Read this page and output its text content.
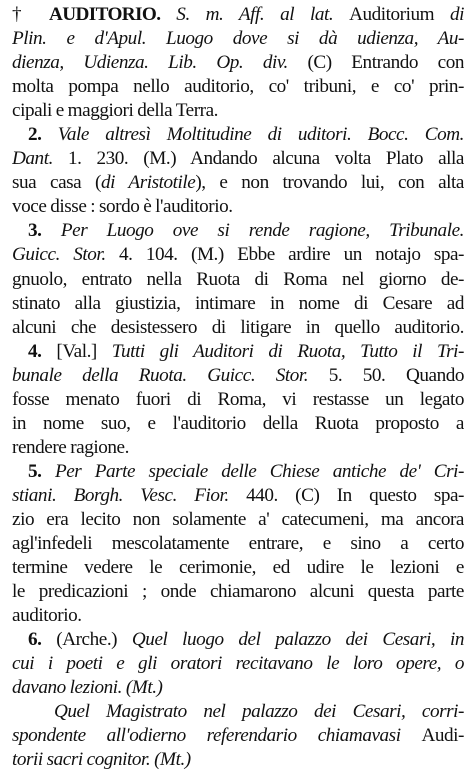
† AUDITORIO. S. m. Aff. al lat. Auditorium di
Plin. e d'Apul. Luogo dove si dà udienza, Au-
dienza, Udienza. Lib. Op. div. (C) Entrando con
molta pompa nello auditorio, co' tribuni, e co' prin-
cipali e maggiori della Terra.
2. Vale altresì Moltitudine di uditori. Bocc. Com.
Dant. 1. 230. (M.) Andando alcuna volta Plato alla
sua casa (di Aristotile), e non trovando lui, con alta
voce disse : sordo è l'auditorio.
3. Per Luogo ove si rende ragione, Tribunale.
Guicc. Stor. 4. 104. (M.) Ebbe ardire un notajo spa-
gnuolo, entrato nella Ruota di Roma nel giorno de-
stinato alla giustizia, intimare in nome di Cesare ad
alcuni che desistessero di litigare in quello auditorio.
4. [Val.] Tutti gli Auditori di Ruota, Tutto il Tri-
bunale della Ruota. Guicc. Stor. 5. 50. Quando
fosse menato fuori di Roma, vi restasse un legato
in nome suo, e l'auditorio della Ruota proposto a
rendere ragione.
5. Per Parte speciale delle Chiese antiche de' Cri-
stiani. Borgh. Vesc. Fior. 440. (C) In questo spa-
zio era lecito non solamente a' catecumeni, ma ancora
agl'infedeli mescolatamente entrare, e sino a certo
termine vedere le cerimonie, ed udire le lezioni e
le predicazioni ; onde chiamarono alcuni questa parte
auditorio.
6. (Arche.) Quel luogo del palazzo dei Cesari, in
cui i poeti e gli oratori recitavano le loro opere, o
davano lezioni. (Mt.)
Quel Magistrato nel palazzo dei Cesari, corri-
spondente all'odierno referendario chiamavasi Audi-
torii sacri cognitor. (Mt.)
